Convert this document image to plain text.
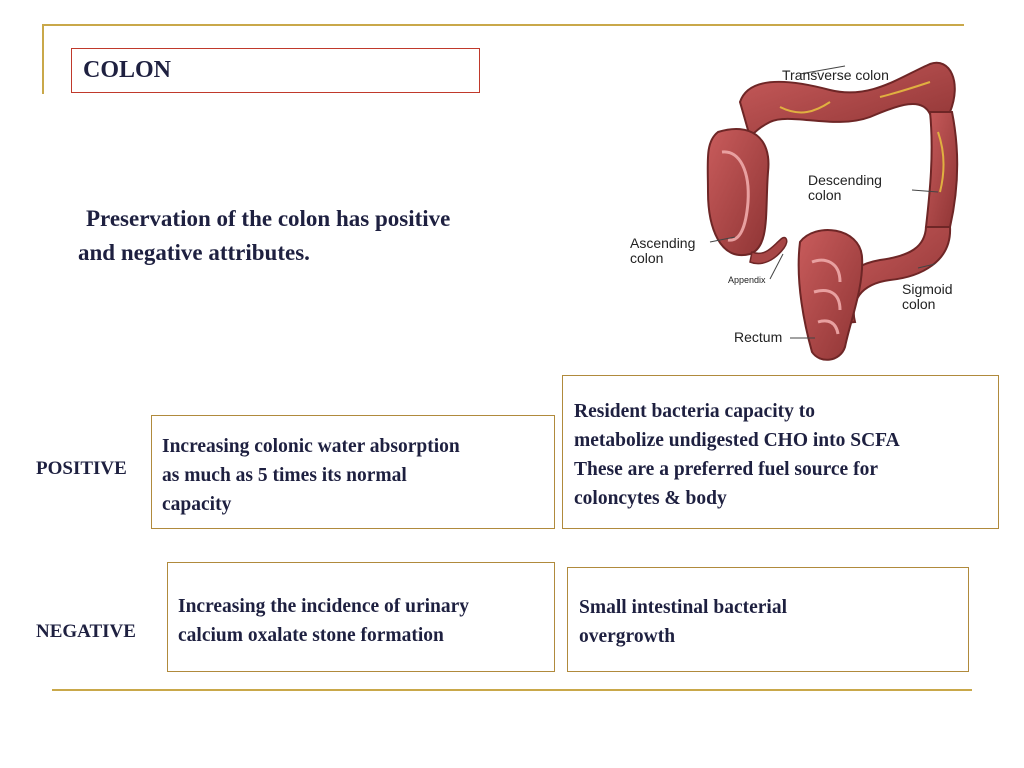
COLON
Preservation of the colon has positive
and negative attributes.
Transverse colon
Descending
colon
Ascending
colon
Appendix
Sigmoid
colon
Rectum
POSITIVE
NEGATIVE
Increasing colonic water absorption
as much as 5 times its normal
capacity
Resident bacteria capacity to
metabolize undigested CHO into SCFA
These are a preferred fuel source for
coloncytes & body
Increasing the incidence of urinary
calcium oxalate stone formation
Small intestinal bacterial
overgrowth
